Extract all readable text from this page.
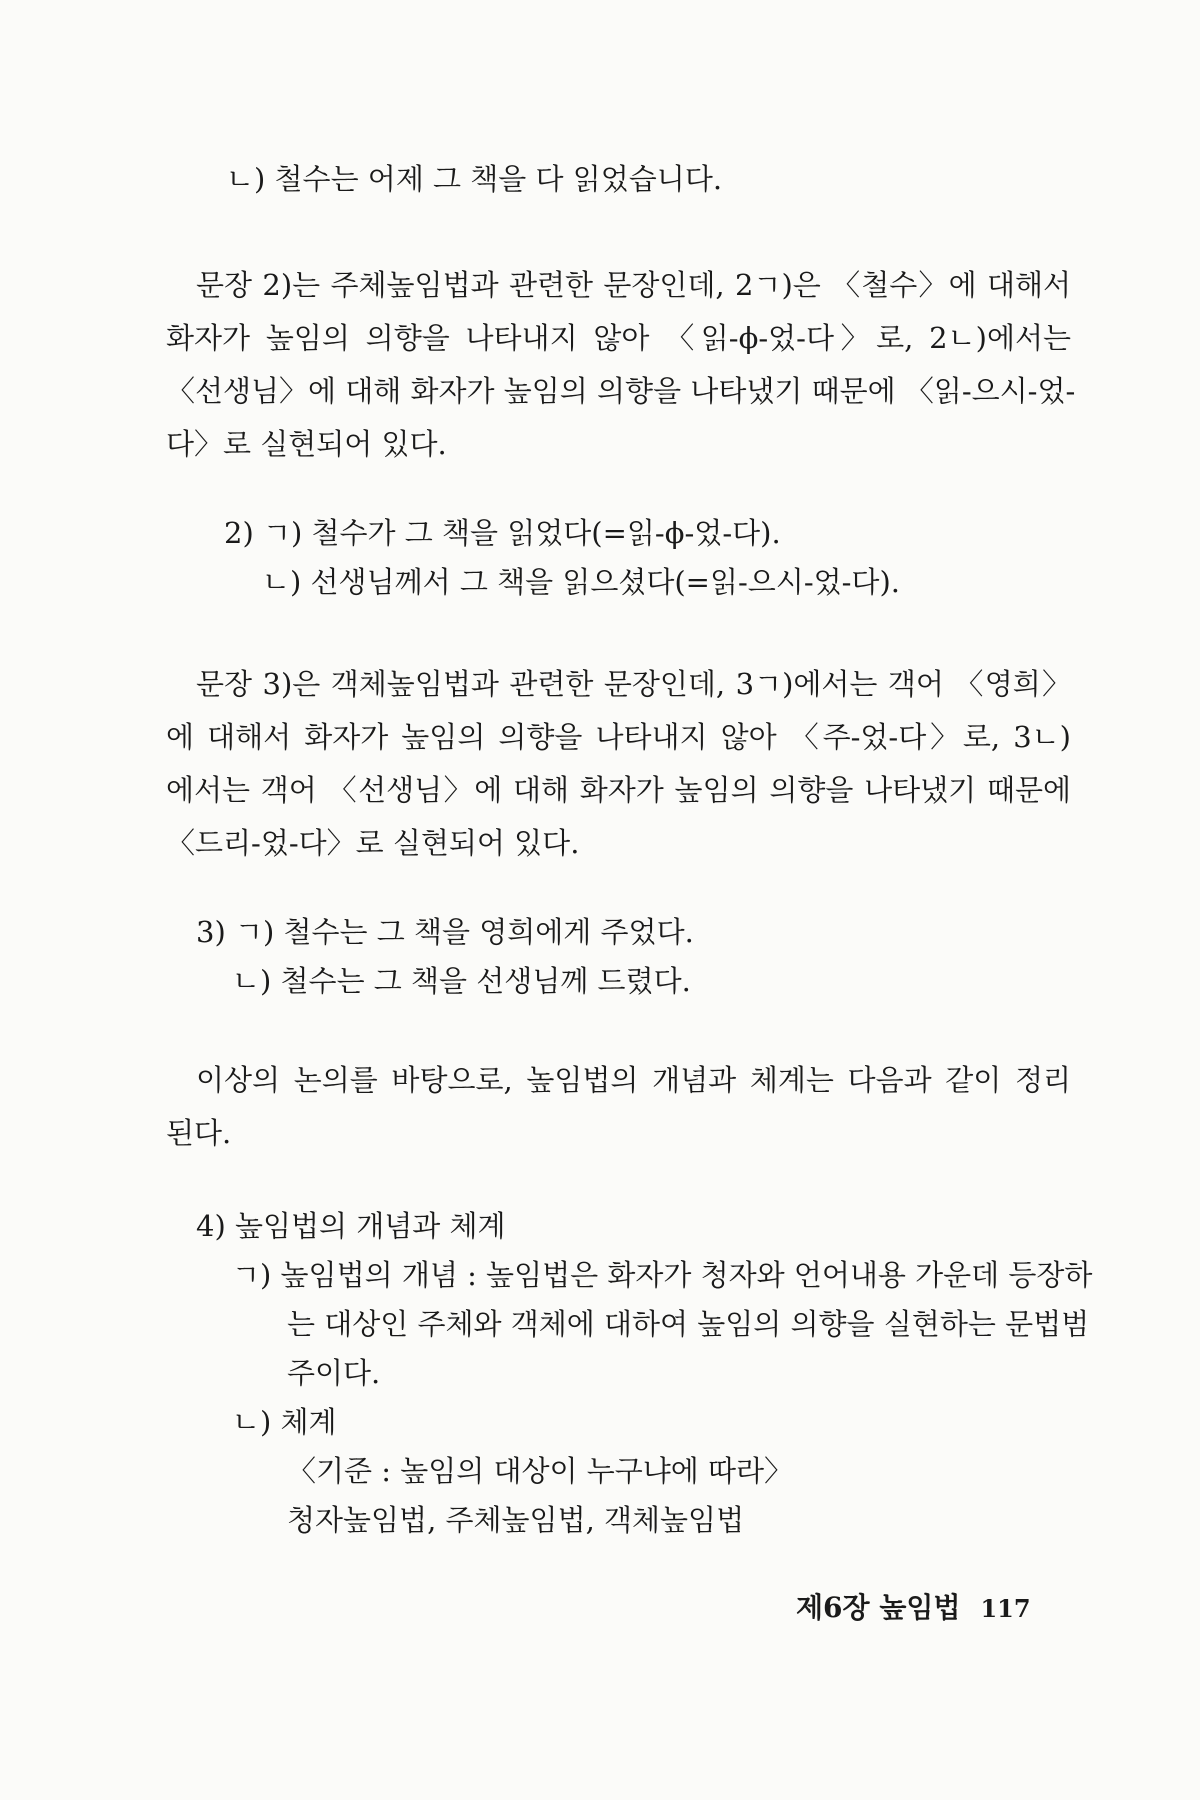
ㄴ) 철수는 어제 그 책을 다 읽었습니다.
문장 2)는 주체높임법과 관련한 문장인데, 2ㄱ)은 〈철수〉에 대해서
화자가 높임의 의향을 나타내지 않아 〈읽-ϕ-었-다〉로, 2ㄴ)에서는
〈선생님〉에 대해 화자가 높임의 의향을 나타냈기 때문에 〈읽-으시-었-
다〉로 실현되어 있다.
2) ㄱ) 철수가 그 책을 읽었다(=읽-ϕ-었-다).
ㄴ) 선생님께서 그 책을 읽으셨다(=읽-으시-었-다).
문장 3)은 객체높임법과 관련한 문장인데, 3ㄱ)에서는 객어 〈영희〉
에 대해서 화자가 높임의 의향을 나타내지 않아 〈주-었-다〉로, 3ㄴ)
에서는 객어 〈선생님〉에 대해 화자가 높임의 의향을 나타냈기 때문에
〈드리-었-다〉로 실현되어 있다.
3) ㄱ) 철수는 그 책을 영희에게 주었다.
ㄴ) 철수는 그 책을 선생님께 드렸다.
이상의 논의를 바탕으로, 높임법의 개념과 체계는 다음과 같이 정리
된다.
4) 높임법의 개념과 체계
ㄱ) 높임법의 개념 : 높임법은 화자가 청자와 언어내용 가운데 등장하
는 대상인 주체와 객체에 대하여 높임의 의향을 실현하는 문법범
주이다.
ㄴ) 체계
〈기준 : 높임의 대상이 누구냐에 따라〉
청자높임법, 주체높임법, 객체높임법
제6장 높임법 117
